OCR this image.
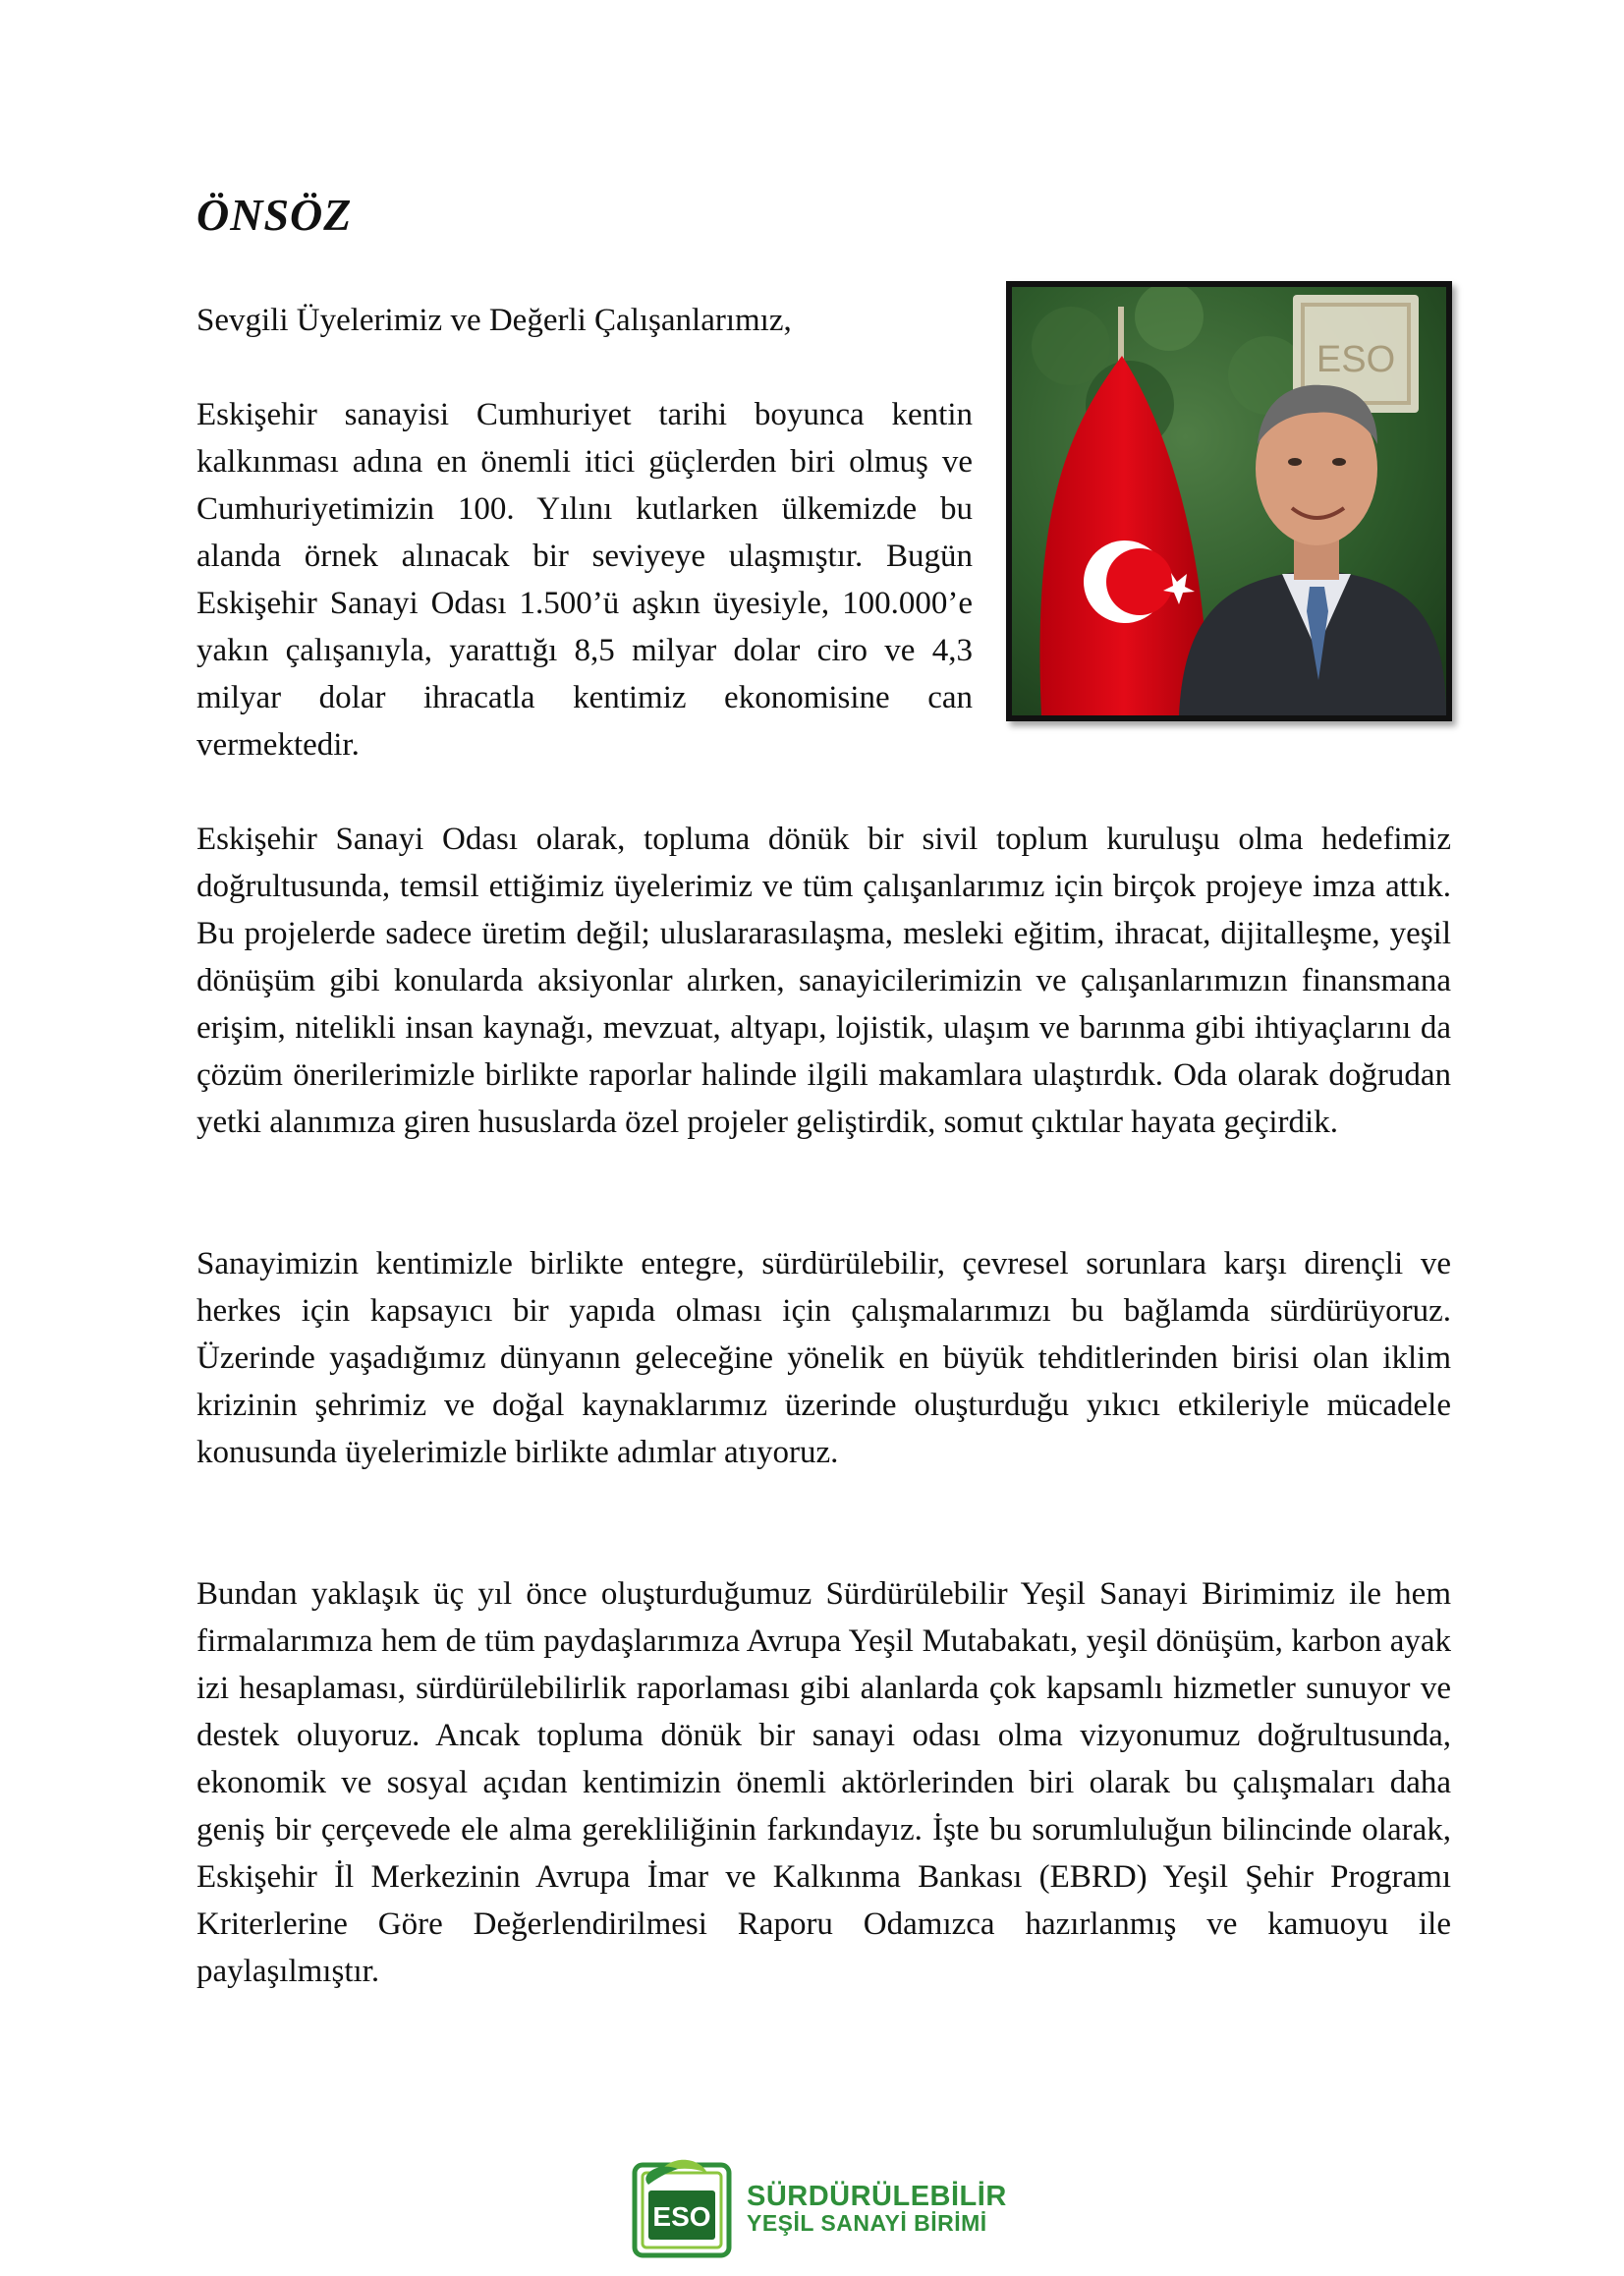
ÖNSÖZ

Sevgili Üyelerimiz ve Değerli Çalışanlarımız,

Eskişehir sanayisi Cumhuriyet tarihi boyunca kentin kalkınması adına en önemli itici güçlerden biri olmuş ve Cumhuriyetimizin 100. Yılını kutlarken ülkemizde bu alanda örnek alınacak bir seviyeye ulaşmıştır. Bugün Eskişehir Sanayi Odası 1.500’ü aşkın üyesiyle, 100.000’e yakın çalışanıyla, yarattığı 8,5 milyar dolar ciro ve 4,3 milyar dolar ihracatla kentimiz ekonomisine can vermektedir.

ESO

Eskişehir Sanayi Odası olarak, topluma dönük bir sivil toplum kuruluşu olma hedefimiz doğrultusunda, temsil ettiğimiz üyelerimiz ve tüm çalışanlarımız için birçok projeye imza attık. Bu projelerde sadece üretim değil; uluslararasılaşma, mesleki eğitim, ihracat, dijitalleşme, yeşil dönüşüm gibi konularda aksiyonlar alırken, sanayicilerimizin ve çalışanlarımızın finansmana erişim, nitelikli insan kaynağı, mevzuat, altyapı, lojistik, ulaşım ve barınma gibi ihtiyaçlarını da çözüm önerilerimizle birlikte raporlar halinde ilgili makamlara ulaştırdık. Oda olarak doğrudan yetki alanımıza giren hususlarda özel projeler geliştirdik, somut çıktılar hayata geçirdik.

Sanayimizin kentimizle birlikte entegre, sürdürülebilir, çevresel sorunlara karşı dirençli ve herkes için kapsayıcı bir yapıda olması için çalışmalarımızı bu bağlamda sürdürüyoruz. Üzerinde yaşadığımız dünyanın geleceğine yönelik en büyük tehditlerinden birisi olan iklim krizinin şehrimiz ve doğal kaynaklarımız üzerinde oluşturduğu yıkıcı etkileriyle mücadele konusunda üyelerimizle birlikte adımlar atıyoruz.

Bundan yaklaşık üç yıl önce oluşturduğumuz Sürdürülebilir Yeşil Sanayi Birimimiz ile hem firmalarımıza hem de tüm paydaşlarımıza Avrupa Yeşil Mutabakatı, yeşil dönüşüm, karbon ayak izi hesaplaması, sürdürülebilirlik raporlaması gibi alanlarda çok kapsamlı hizmetler sunuyor ve destek oluyoruz. Ancak topluma dönük bir sanayi odası olma vizyonumuz doğrultusunda, ekonomik ve sosyal açıdan kentimizin önemli aktörlerinden biri olarak bu çalışmaları daha geniş bir çerçevede ele alma gerekliliğinin farkındayız. İşte bu sorumluluğun bilincinde olarak, Eskişehir İl Merkezinin Avrupa İmar ve Kalkınma Bankası (EBRD) Yeşil Şehir Programı Kriterlerine Göre Değerlendirilmesi Raporu Odamızca hazırlanmış ve kamuoyu ile paylaşılmıştır.

ESO
SÜRDÜRÜLEBİLİR
YEŞİL SANAYİ BİRİMİ
